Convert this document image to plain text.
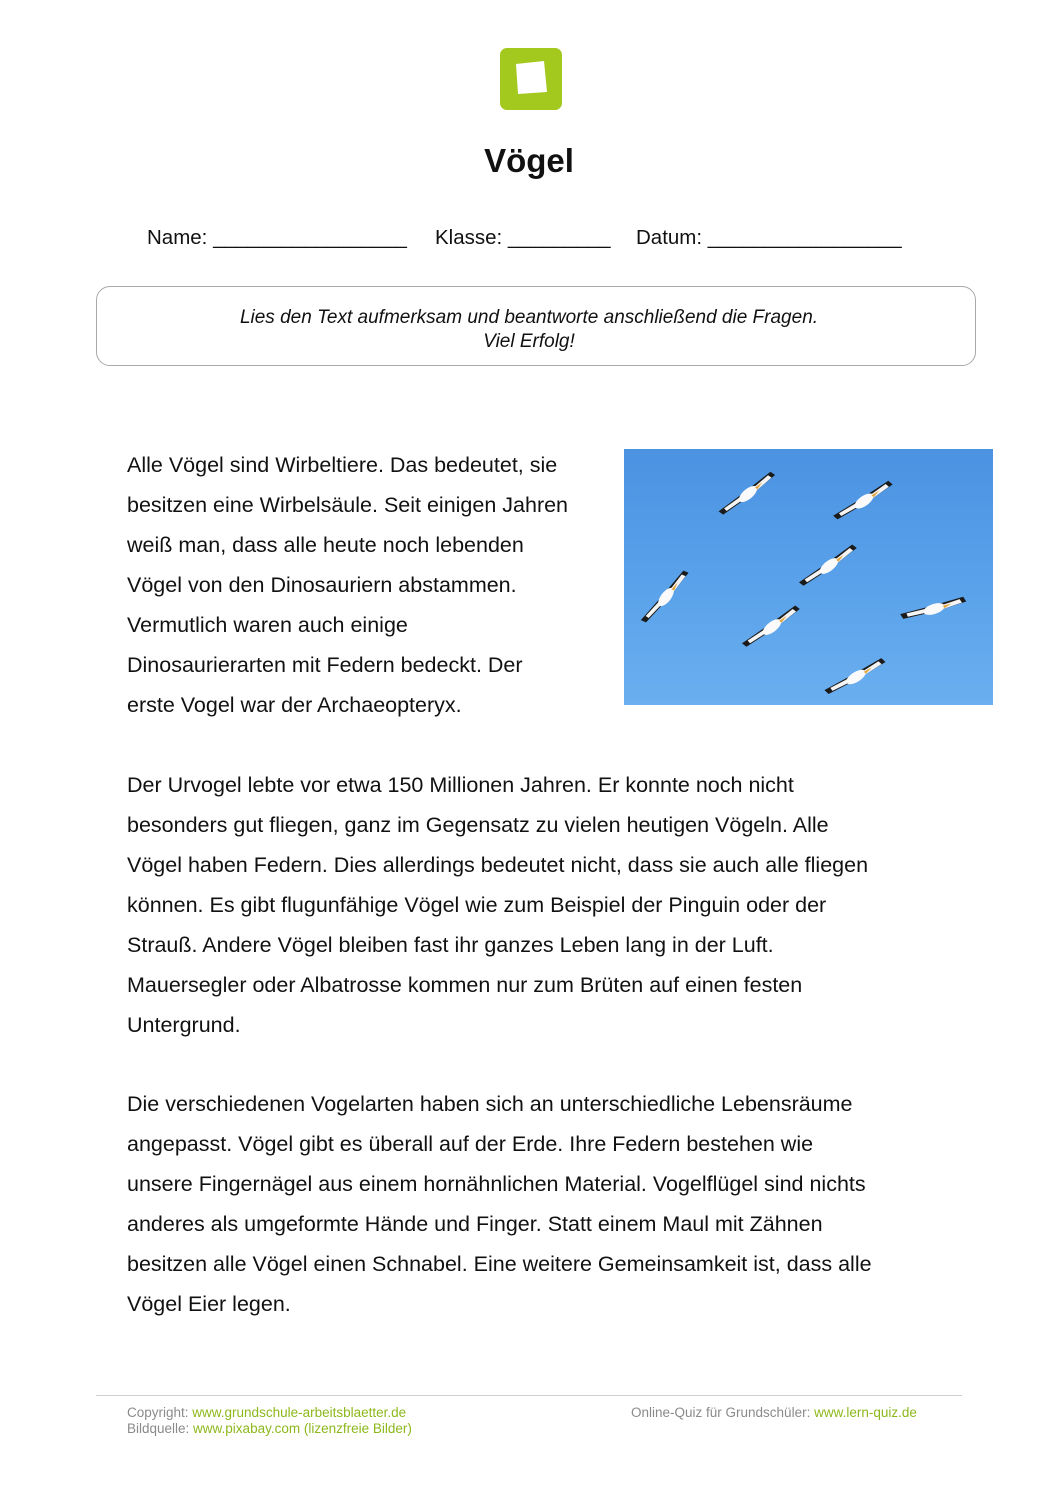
Vögel
Name: _________________ Klasse: _________ Datum: _________________
Lies den Text aufmerksam und beantworte anschließend die Fragen.
Viel Erfolg!
Alle Vögel sind Wirbeltiere. Das bedeutet, sie
besitzen eine Wirbelsäule. Seit einigen Jahren
weiß man, dass alle heute noch lebenden
Vögel von den Dinosauriern abstammen.
Vermutlich waren auch einige
Dinosaurierarten mit Federn bedeckt. Der
erste Vogel war der Archaeopteryx.
Der Urvogel lebte vor etwa 150 Millionen Jahren. Er konnte noch nicht
besonders gut fliegen, ganz im Gegensatz zu vielen heutigen Vögeln. Alle
Vögel haben Federn. Dies allerdings bedeutet nicht, dass sie auch alle fliegen
können. Es gibt flugunfähige Vögel wie zum Beispiel der Pinguin oder der
Strauß. Andere Vögel bleiben fast ihr ganzes Leben lang in der Luft.
Mauersegler oder Albatrosse kommen nur zum Brüten auf einen festen
Untergrund.
Die verschiedenen Vogelarten haben sich an unterschiedliche Lebensräume
angepasst. Vögel gibt es überall auf der Erde. Ihre Federn bestehen wie
unsere Fingernägel aus einem hornähnlichen Material. Vogelflügel sind nichts
anderes als umgeformte Hände und Finger. Statt einem Maul mit Zähnen
besitzen alle Vögel einen Schnabel. Eine weitere Gemeinsamkeit ist, dass alle
Vögel Eier legen.
Copyright: www.grundschule-arbeitsblaetter.de
Bildquelle: www.pixabay.com (lizenzfreie Bilder)
Online-Quiz für Grundschüler: www.lern-quiz.de
